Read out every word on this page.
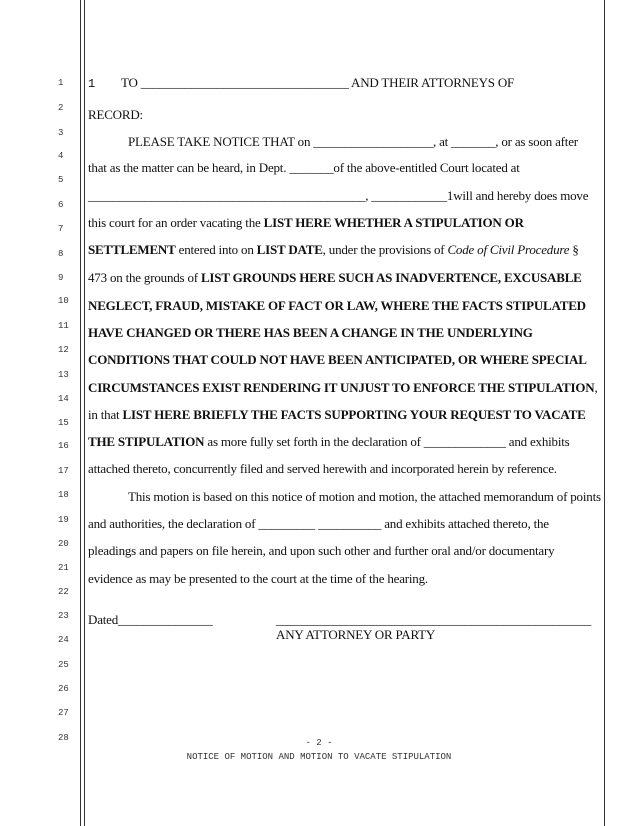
1
2
3
4
5
6
7
8
9
10
11
12
13
14
15
16
17
18
19
20
21
22
23
24
25
26
27
28
1 TO _________________________________ AND THEIR ATTORNEYS OF
RECORD:
PLEASE TAKE NOTICE THAT on ___________________, at _______, or as soon after
that as the matter can be heard, in Dept. _______of the above-entitled Court located at
____________________________________________, ____________1will and hereby does move
this court for an order vacating the LIST HERE WHETHER A STIPULATION OR
SETTLEMENT entered into on LIST DATE, under the provisions of Code of Civil Procedure §
473 on the grounds of LIST GROUNDS HERE SUCH AS INADVERTENCE, EXCUSABLE
NEGLECT, FRAUD, MISTAKE OF FACT OR LAW, WHERE THE FACTS STIPULATED
HAVE CHANGED OR THERE HAS BEEN A CHANGE IN THE UNDERLYING
CONDITIONS THAT COULD NOT HAVE BEEN ANTICIPATED, OR WHERE SPECIAL
CIRCUMSTANCES EXIST RENDERING IT UNJUST TO ENFORCE THE STIPULATION,
in that LIST HERE BRIEFLY THE FACTS SUPPORTING YOUR REQUEST TO VACATE
THE STIPULATION as more fully set forth in the declaration of _____________ and exhibits
attached thereto, concurrently filed and served herewith and incorporated herein by reference.
This motion is based on this notice of motion and motion, the attached memorandum of points
and authorities, the declaration of _________ __________ and exhibits attached thereto, the
pleadings and papers on file herein, and upon such other and further oral and/or documentary
evidence as may be presented to the court at the time of the hearing.
Dated_______________	__________________________________________________
ANY ATTORNEY OR PARTY
- 2 -
NOTICE OF MOTION AND MOTION TO VACATE STIPULATION
